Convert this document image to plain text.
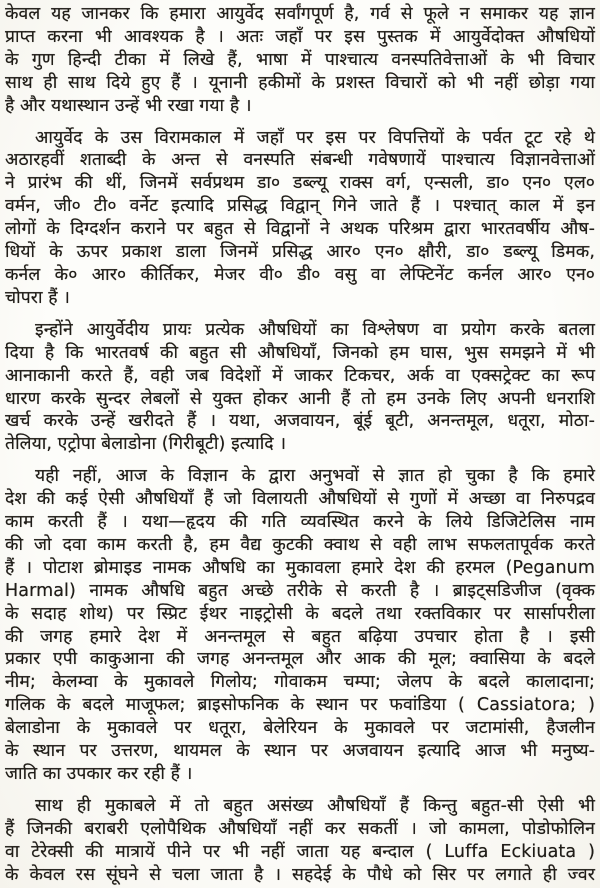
केवल यह जानकर कि हमारा आयुर्वेद सर्वांगपूर्ण है, गर्व से फूले न समाकर यह ज्ञान
प्राप्त करना भी आवश्यक है । अतः जहाँ पर इस पुस्तक में आयुर्वेदोक्त औषधियों
के गुण हिन्दी टीका में लिखे हैं, भाषा में पाश्चात्य वनस्पतिवेत्ताओं के भी विचार
साथ ही साथ दिये हुए हैं । यूनानी हकीमों के प्रशस्त विचारों को भी नहीं छोड़ा गया
है और यथास्थान उन्हें भी रखा गया है ।
आयुर्वेद के उस विरामकाल में जहाँ पर इस पर विपत्तियों के पर्वत टूट रहे थे
अठारहवीं शताब्दी के अन्त से वनस्पति संबन्धी गवेषणायें पाश्चात्य विज्ञानवेत्ताओं
ने प्रारंभ की थीं, जिनमें सर्वप्रथम डा० डब्ल्यू राक्स वर्ग, एन्सली, डा० एन० एल०
वर्मन, जी० टी० वर्नेट इत्यादि प्रसिद्ध विद्वान् गिने जाते हैं । पश्चात् काल में इन
लोगों के दिग्दर्शन कराने पर बहुत से विद्वानों ने अथक परिश्रम द्वारा भारतवर्षीय औष-
धियों के ऊपर प्रकाश डाला जिनमें प्रसिद्ध आर० एन० क्षौरी, डा० डब्ल्यू डिमक,
कर्नल के० आर० कीर्तिकर, मेजर वी० डी० वसु वा लेफ्टिनेंट कर्नल आर० एन०
चोपरा हैं ।
इन्होंने आयुर्वेदीय प्रायः प्रत्येक औषधियों का विश्लेषण वा प्रयोग करके बतला
दिया है कि भारतवर्ष की बहुत सी औषधियाँ, जिनको हम घास, भुस समझने में भी
आनाकानी करते हैं, वही जब विदेशों में जाकर टिकचर, अर्क वा एक्सट्रेक्ट का रूप
धारण करके सुन्दर लेबलों से युक्त होकर आनी हैं तो हम उनके लिए अपनी धनराशि
खर्च करके उन्हें खरीदते हैं । यथा, अजवायन, बूंई बूटी, अनन्तमूल, धतूरा, मोठा-
तेलिया, एट्रोपा बेलाडोना (गिरीबूटी) इत्यादि ।
यही नहीं, आज के विज्ञान के द्वारा अनुभवों से ज्ञात हो चुका है कि हमारे
देश की कई ऐसी औषधियाँ हैं जो विलायती औषधियों से गुणों में अच्छा वा निरुपद्रव
काम करती हैं । यथा—हृदय की गति व्यवस्थित करने के लिये डिजिटेलिस नाम
की जो दवा काम करती है, हम वैद्य कुटकी क्वाथ से वही लाभ सफलतापूर्वक करते
हैं । पोटाश ब्रोमाइड नामक औषधि का मुकावला हमारे देश की हरमल (Peganum
Harmal) नामक औषधि बहुत अच्छे तरीके से करती है । ब्राइट्सडिजीज (वृक्क
के सदाह शोथ) पर स्प्रिट ईथर नाइट्रोसी के बदले तथा रक्तविकार पर सार्सापरीला
की जगह हमारे देश में अनन्तमूल से बहुत बढ़िया उपचार होता है । इसी
प्रकार एपी काकुआना की जगह अनन्तमूल और आक की मूल; क्वासिया के बदले
नीम; केलम्वा के मुकावले गिलोय; गोवाकम चम्पा; जेलप के बदले कालादाना;
गलिक के बदले माजूफल; ब्राइसोफनिक के स्थान पर फवांडिया ( Cassiatora; )
बेलाडोना के मुकावले पर धतूरा, बेलेरियन के मुकावले पर जटामांसी, हैजलीन
के स्थान पर उत्तरण, थायमल के स्थान पर अजवायन इत्यादि आज भी मनुष्य-
जाति का उपकार कर रही हैं ।
साथ ही मुकाबले में तो बहुत असंख्य औषधियाँ हैं किन्तु बहुत-सी ऐसी भी
हैं जिनकी बराबरी एलोपैथिक औषधियाँ नहीं कर सकतीं । जो कामला, पोडोफोलिन
वा टेरेक्सी की मात्रायें पीने पर भी नहीं जाता यह बन्दाल ( Luffa Eckiuata )
के केवल रस सूंघने से चला जाता है । सहदेई के पौधे को सिर पर लगाते ही ज्वर
